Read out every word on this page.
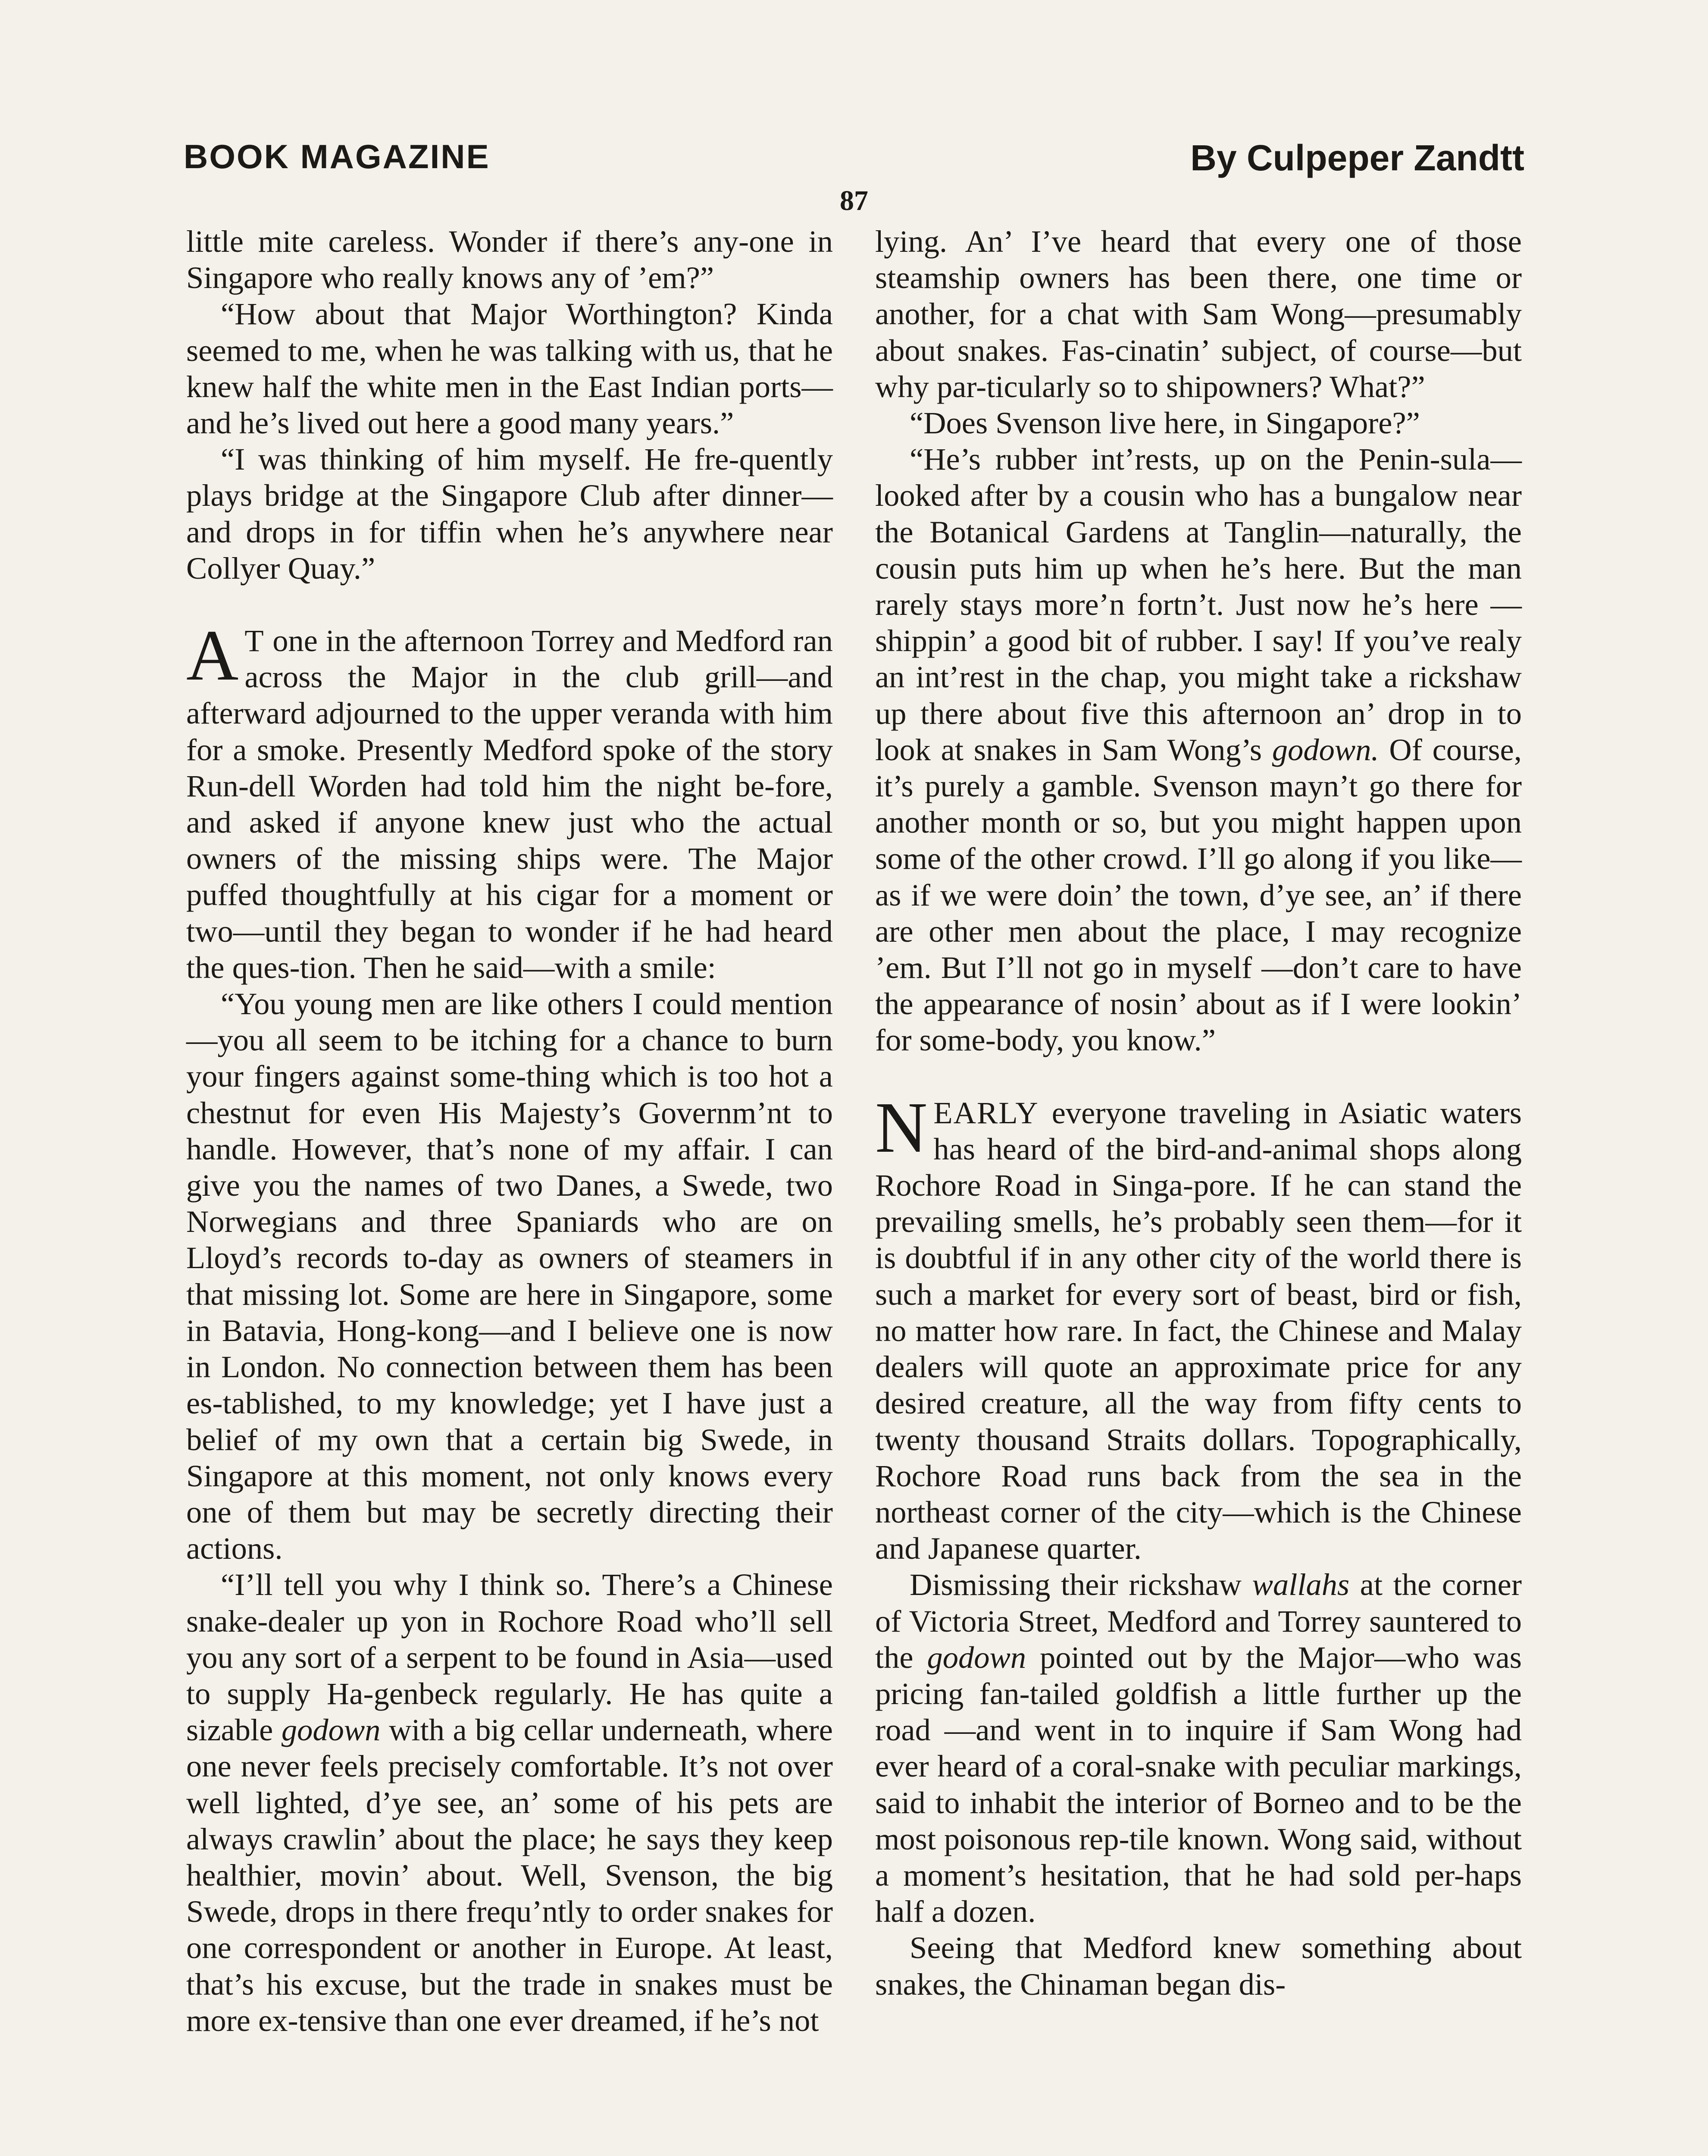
BOOK MAGAZINE	By Culpeper Zandtt
87

little mite careless. Wonder if there’s any-one in Singapore who really knows any of ’em?”

“How about that Major Worthington? Kinda seemed to me, when he was talking with us, that he knew half the white men in the East Indian ports—and he’s lived out here a good many years.”

“I was thinking of him myself. He fre-quently plays bridge at the Singapore Club after dinner—and drops in for tiffin when he’s anywhere near Collyer Quay.”

A T one in the afternoon Torrey and Medford ran across the Major in the club grill—and afterward adjourned to the upper veranda with him for a smoke. Presently Medford spoke of the story Run-dell Worden had told him the night be-fore, and asked if anyone knew just who the actual owners of the missing ships were. The Major puffed thoughtfully at his cigar for a moment or two—until they began to wonder if he had heard the ques-tion. Then he said—with a smile:

“You young men are like others I could mention—you all seem to be itching for a chance to burn your fingers against some-thing which is too hot a chestnut for even His Majesty’s Governm’nt to handle. However, that’s none of my affair. I can give you the names of two Danes, a Swede, two Norwegians and three Spaniards who are on Lloyd’s records to-day as owners of steamers in that missing lot. Some are here in Singapore, some in Batavia, Hong-kong—and I believe one is now in London. No connection between them has been es-tablished, to my knowledge; yet I have just a belief of my own that a certain big Swede, in Singapore at this moment, not only knows every one of them but may be secretly directing their actions.

“I’ll tell you why I think so. There’s a Chinese snake-dealer up yon in Rochore Road who’ll sell you any sort of a serpent to be found in Asia—used to supply Ha-genbeck regularly. He has quite a sizable godown with a big cellar underneath, where one never feels precisely comfortable. It’s not over well lighted, d’ye see, an’ some of his pets are always crawlin’ about the place; he says they keep healthier, movin’ about. Well, Svenson, the big Swede, drops in there frequ’ntly to order snakes for one correspondent or another in Europe. At least, that’s his excuse, but the trade in snakes must be more ex-tensive than one ever dreamed, if he’s not

lying. An’ I’ve heard that every one of those steamship owners has been there, one time or another, for a chat with Sam Wong—presumably about snakes. Fas-cinatin’ subject, of course—but why par-ticularly so to shipowners? What?”

“Does Svenson live here, in Singapore?”

“He’s rubber int’rests, up on the Penin-sula—looked after by a cousin who has a bungalow near the Botanical Gardens at Tanglin—naturally, the cousin puts him up when he’s here. But the man rarely stays more’n fortn’t. Just now he’s here —shippin’ a good bit of rubber. I say! If you’ve realy an int’rest in the chap, you might take a rickshaw up there about five this afternoon an’ drop in to look at snakes in Sam Wong’s godown. Of course, it’s purely a gamble. Svenson mayn’t go there for another month or so, but you might happen upon some of the other crowd. I’ll go along if you like—as if we were doin’ the town, d’ye see, an’ if there are other men about the place, I may recognize ’em. But I’ll not go in myself —don’t care to have the appearance of nosin’ about as if I were lookin’ for some-body, you know.”

NEARLY everyone traveling in Asiatic waters has heard of the bird-and-animal shops along Rochore Road in Singa-pore. If he can stand the prevailing smells, he’s probably seen them—for it is doubtful if in any other city of the world there is such a market for every sort of beast, bird or fish, no matter how rare. In fact, the Chinese and Malay dealers will quote an approximate price for any desired creature, all the way from fifty cents to twenty thousand Straits dollars. Topographically, Rochore Road runs back from the sea in the northeast corner of the city—which is the Chinese and Japanese quarter.

Dismissing their rickshaw wallahs at the corner of Victoria Street, Medford and Torrey sauntered to the godown pointed out by the Major—who was pricing fan-tailed goldfish a little further up the road —and went in to inquire if Sam Wong had ever heard of a coral-snake with peculiar markings, said to inhabit the interior of Borneo and to be the most poisonous rep-tile known. Wong said, without a moment’s hesitation, that he had sold per-haps half a dozen.

Seeing that Medford knew something about snakes, the Chinaman began dis-
